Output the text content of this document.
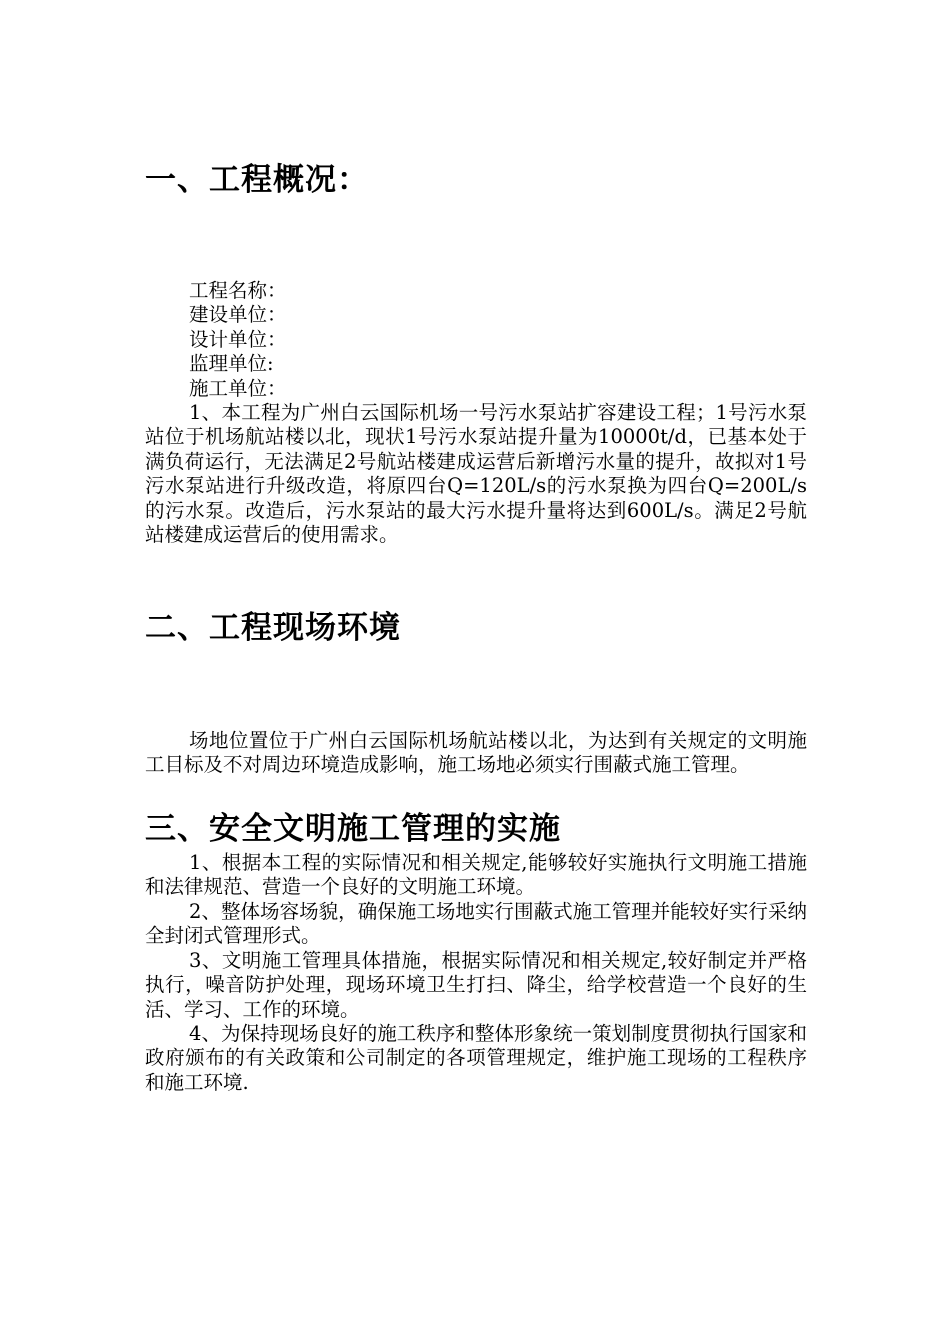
一、工程概况：

工程名称：

建设单位：

设计单位：

监理单位:

施工单位：

1、本工程为广州白云国际机场一号污水泵站扩容建设工程；1号污水泵站位于机场航站楼以北，现状1号污水泵站提升量为10000t/d，已基本处于满负荷运行，无法满足2号航站楼建成运营后新增污水量的提升，故拟对1号污水泵站进行升级改造，将原四台Q=120L/s的污水泵换为四台Q=200L/s的污水泵。改造后，污水泵站的最大污水提升量将达到600L/s。满足2号航站楼建成运营后的使用需求。

二、工程现场环境

场地位置位于广州白云国际机场航站楼以北，为达到有关规定的文明施工目标及不对周边环境造成影响，施工场地必须实行围蔽式施工管理。

三、安全文明施工管理的实施

1、根据本工程的实际情况和相关规定,能够较好实施执行文明施工措施和法律规范、营造一个良好的文明施工环境。

2、整体场容场貌，确保施工场地实行围蔽式施工管理并能较好实行采纳全封闭式管理形式。

3、文明施工管理具体措施，根据实际情况和相关规定,较好制定并严格执行，噪音防护处理，现场环境卫生打扫、降尘，给学校营造一个良好的生活、学习、工作的环境。

4、为保持现场良好的施工秩序和整体形象统一策划制度贯彻执行国家和政府颁布的有关政策和公司制定的各项管理规定，维护施工现场的工程秩序和施工环境.
